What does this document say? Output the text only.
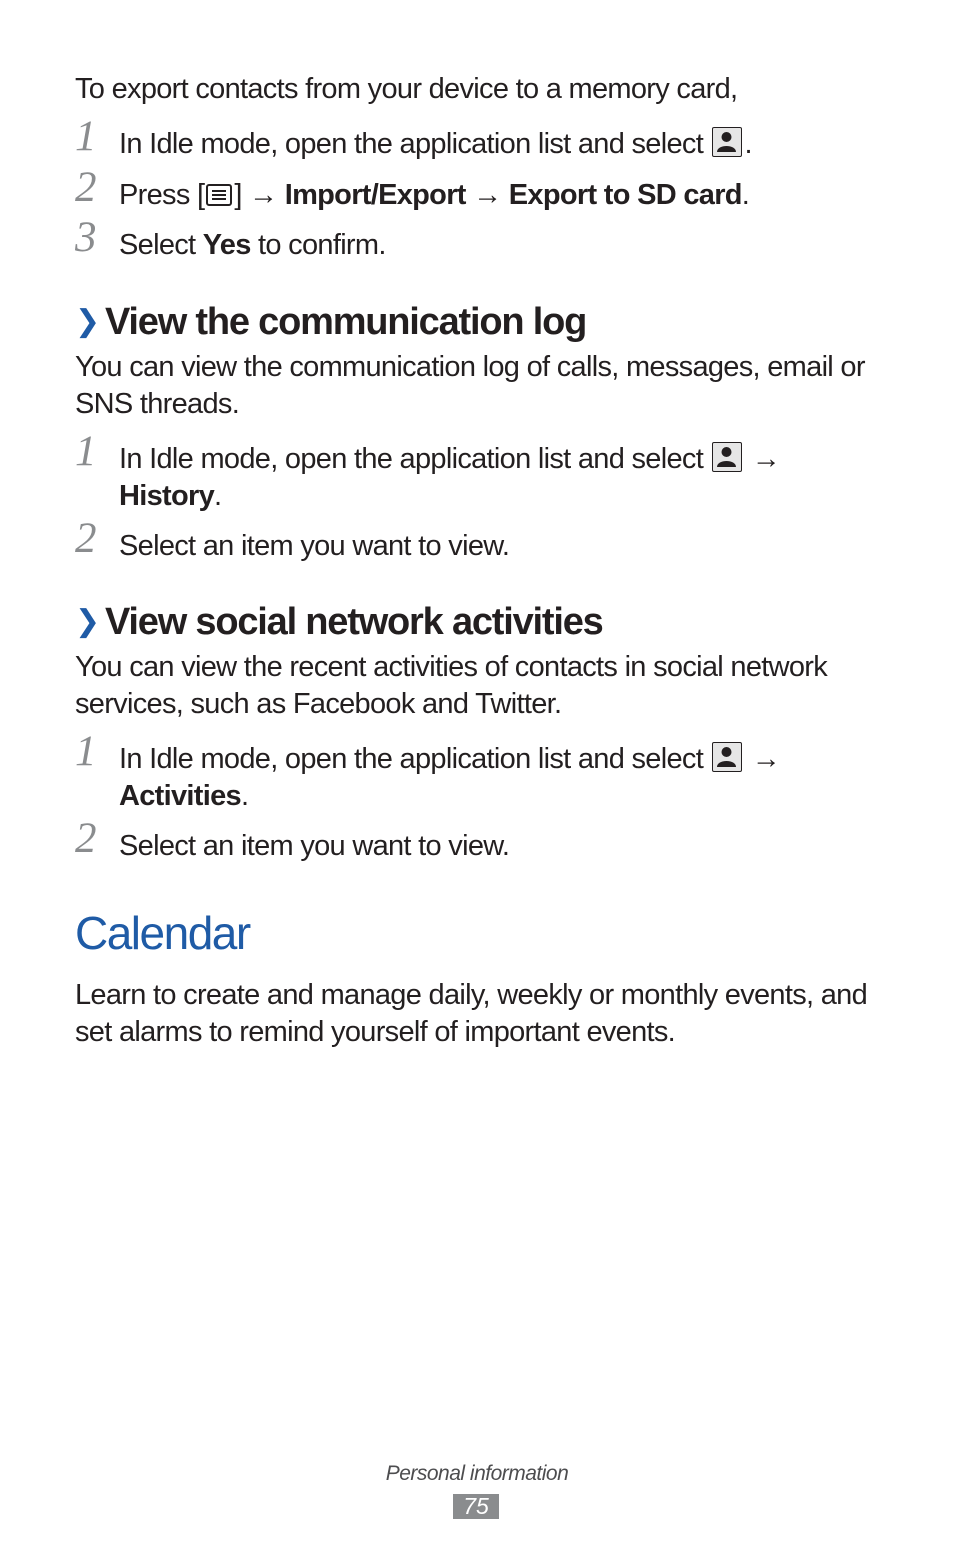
To export contacts from your device to a memory card,

1 In Idle mode, open the application list and select .
2 Press [ ] → Import/Export → Export to SD card.
3 Select Yes to confirm.
❯ View the communication log

You can view the communication log of calls, messages, email or SNS threads.

1 In Idle mode, open the application list and select → History.
2 Select an item you want to view.
❯ View social network activities

You can view the recent activities of contacts in social network services, such as Facebook and Twitter.

1 In Idle mode, open the application list and select → Activities.
2 Select an item you want to view.
Calendar

Learn to create and manage daily, weekly or monthly events, and set alarms to remind yourself of important events.

Personal information
75
